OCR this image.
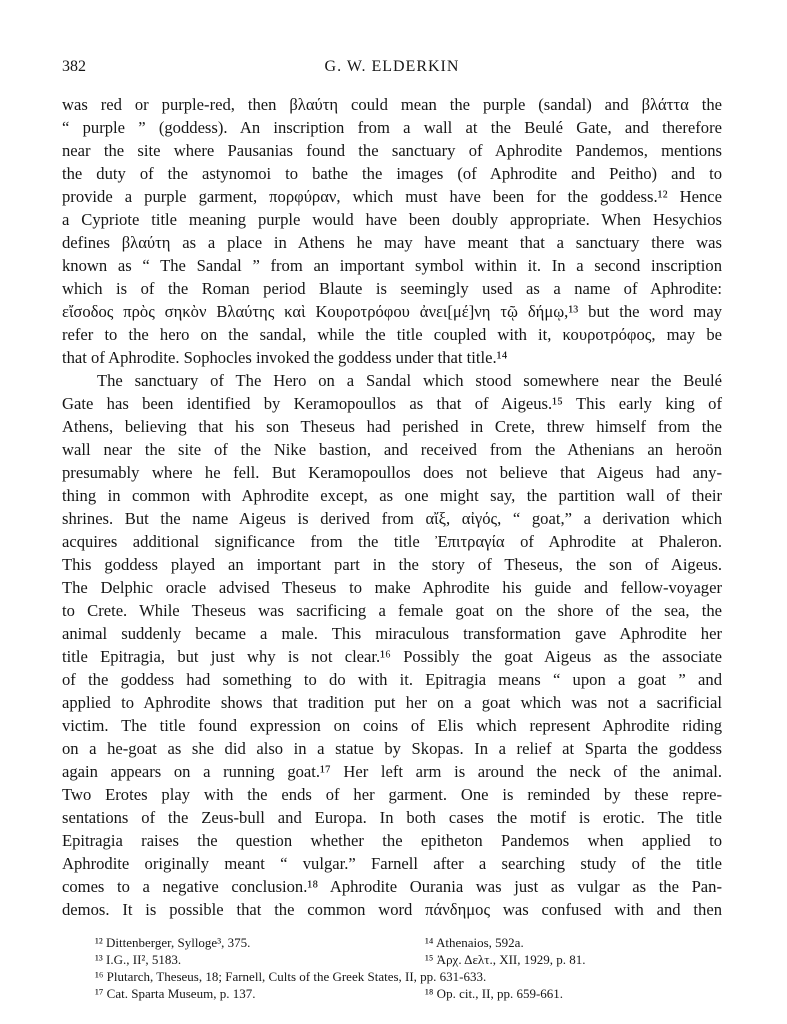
382	G. W. ELDERKIN
was red or purple-red, then βλαύτη could mean the purple (sandal) and βλάττα the
“ purple ” (goddess). An inscription from a wall at the Beulé Gate, and therefore
near the site where Pausanias found the sanctuary of Aphrodite Pandemos, mentions
the duty of the astynomoi to bathe the images (of Aphrodite and Peitho) and to
provide a purple garment, πορφύραν, which must have been for the goddess.¹² Hence
a Cypriote title meaning purple would have been doubly appropriate. When Hesychios
defines βλαύτη as a place in Athens he may have meant that a sanctuary there was
known as “ The Sandal ” from an important symbol within it. In a second inscription
which is of the Roman period Blaute is seemingly used as a name of Aphrodite:
εἴσοδος πρὸς σηκὸν Βλαύτης καὶ Κουροτρόφου ἀνει[μέ]νη τῷ δήμῳ,¹³ but the word may
refer to the hero on the sandal, while the title coupled with it, κουροτρόφος, may be
that of Aphrodite. Sophocles invoked the goddess under that title.¹⁴
The sanctuary of The Hero on a Sandal which stood somewhere near the Beulé
Gate has been identified by Keramopoullos as that of Aigeus.¹⁵ This early king of
Athens, believing that his son Theseus had perished in Crete, threw himself from the
wall near the site of the Nike bastion, and received from the Athenians an heroön
presumably where he fell. But Keramopoullos does not believe that Aigeus had any-
thing in common with Aphrodite except, as one might say, the partition wall of their
shrines. But the name Aigeus is derived from αἴξ, αἰγός, “ goat,” a derivation which
acquires additional significance from the title Ἐπιτραγία of Aphrodite at Phaleron.
This goddess played an important part in the story of Theseus, the son of Aigeus.
The Delphic oracle advised Theseus to make Aphrodite his guide and fellow-voyager
to Crete. While Theseus was sacrificing a female goat on the shore of the sea, the
animal suddenly became a male. This miraculous transformation gave Aphrodite her
title Epitragia, but just why is not clear.¹⁶ Possibly the goat Aigeus as the associate
of the goddess had something to do with it. Epitragia means “ upon a goat ” and
applied to Aphrodite shows that tradition put her on a goat which was not a sacrificial
victim. The title found expression on coins of Elis which represent Aphrodite riding
on a he-goat as she did also in a statue by Skopas. In a relief at Sparta the goddess
again appears on a running goat.¹⁷ Her left arm is around the neck of the animal.
Two Erotes play with the ends of her garment. One is reminded by these repre-
sentations of the Zeus-bull and Europa. In both cases the motif is erotic. The title
Epitragia raises the question whether the epitheton Pandemos when applied to
Aphrodite originally meant “ vulgar.” Farnell after a searching study of the title
comes to a negative conclusion.¹⁸ Aphrodite Ourania was just as vulgar as the Pan-
demos. It is possible that the common word πάνδημος was confused with and then
¹² Dittenberger, Sylloge³, 375.	¹⁴ Athenaios, 592a.
¹³ I.G., II², 5183.	¹⁵ Ἀρχ. Δελτ., XII, 1929, p. 81.
¹⁶ Plutarch, Theseus, 18; Farnell, Cults of the Greek States, II, pp. 631-633.
¹⁷ Cat. Sparta Museum, p. 137.	¹⁸ Op. cit., II, pp. 659-661.
